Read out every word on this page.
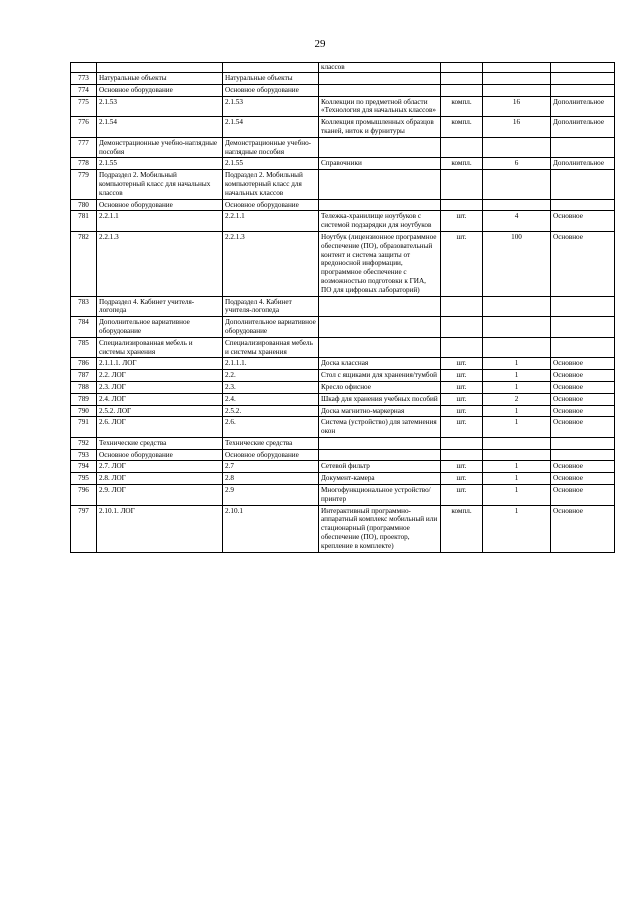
29
			классов			
773	Натуральные объекты	Натуральные объекты				
774	Основное оборудование	Основное оборудование				
775	2.1.53	2.1.53	Коллекции по предметной области «Технология для начальных классов»	компл.	16	Дополнительное
776	2.1.54	2.1.54	Коллекция промышленных образцов тканей, ниток и фурнитуры	компл.	16	Дополнительное
777	Демонстрационные учебно-наглядные пособия	Демонстрационные учебно-наглядные пособия				
778	2.1.55	2.1.55	Справочники	компл.	6	Дополнительное
779	Подраздел 2. Мобильный компьютерный класс для начальных классов	Подраздел 2. Мобильный компьютерный класс для начальных классов				
780	Основное оборудование	Основное оборудование				
781	2.2.1.1	2.2.1.1	Тележка-хранилище ноутбуков с системой подзарядки для ноутбуков	шт.	4	Основное
782	2.2.1.3	2.2.1.3	Ноутбук (лицензионное программное обеспечение (ПО), образовательный контент и система защиты от вредоносной информации, программное обеспечение с возможностью подготовки к ГИА, ПО для цифровых лабораторий)	шт.	100	Основное
783	Подраздел 4. Кабинет учителя-логопеда	Подраздел 4. Кабинет учителя-логопеда				
784	Дополнительное вариативное оборудование	Дополнительное вариативное оборудование				
785	Специализированная мебель и системы хранения	Специализированная мебель и системы хранения				
786	2.1.1.1. ЛОГ	2.1.1.1.	Доска классная	шт.	1	Основное
787	2.2. ЛОГ	2.2.	Стол с ящиками для хранения/тумбой	шт.	1	Основное
788	2.3. ЛОГ	2.3.	Кресло офисное	шт.	1	Основное
789	2.4. ЛОГ	2.4.	Шкаф для хранения учебных пособий	шт.	2	Основное
790	2.5.2. ЛОГ	2.5.2.	Доска магнитно-маркерная	шт.	1	Основное
791	2.6. ЛОГ	2.6.	Система (устройство) для затемнения окон	шт.	1	Основное
792	Технические средства	Технические средства				
793	Основное оборудование	Основное оборудование				
794	2.7. ЛОГ	2.7	Сетевой фильтр	шт.	1	Основное
795	2.8. ЛОГ	2.8	Документ-камера	шт.	1	Основное
796	2.9. ЛОГ	2.9	Многофункциональное устройство/принтер	шт.	1	Основное
797	2.10.1. ЛОГ	2.10.1	Интерактивный программно-аппаратный комплекс мобильный или стационарный (программное обеспечение (ПО), проектор, крепление в комплекте)	компл.	1	Основное
